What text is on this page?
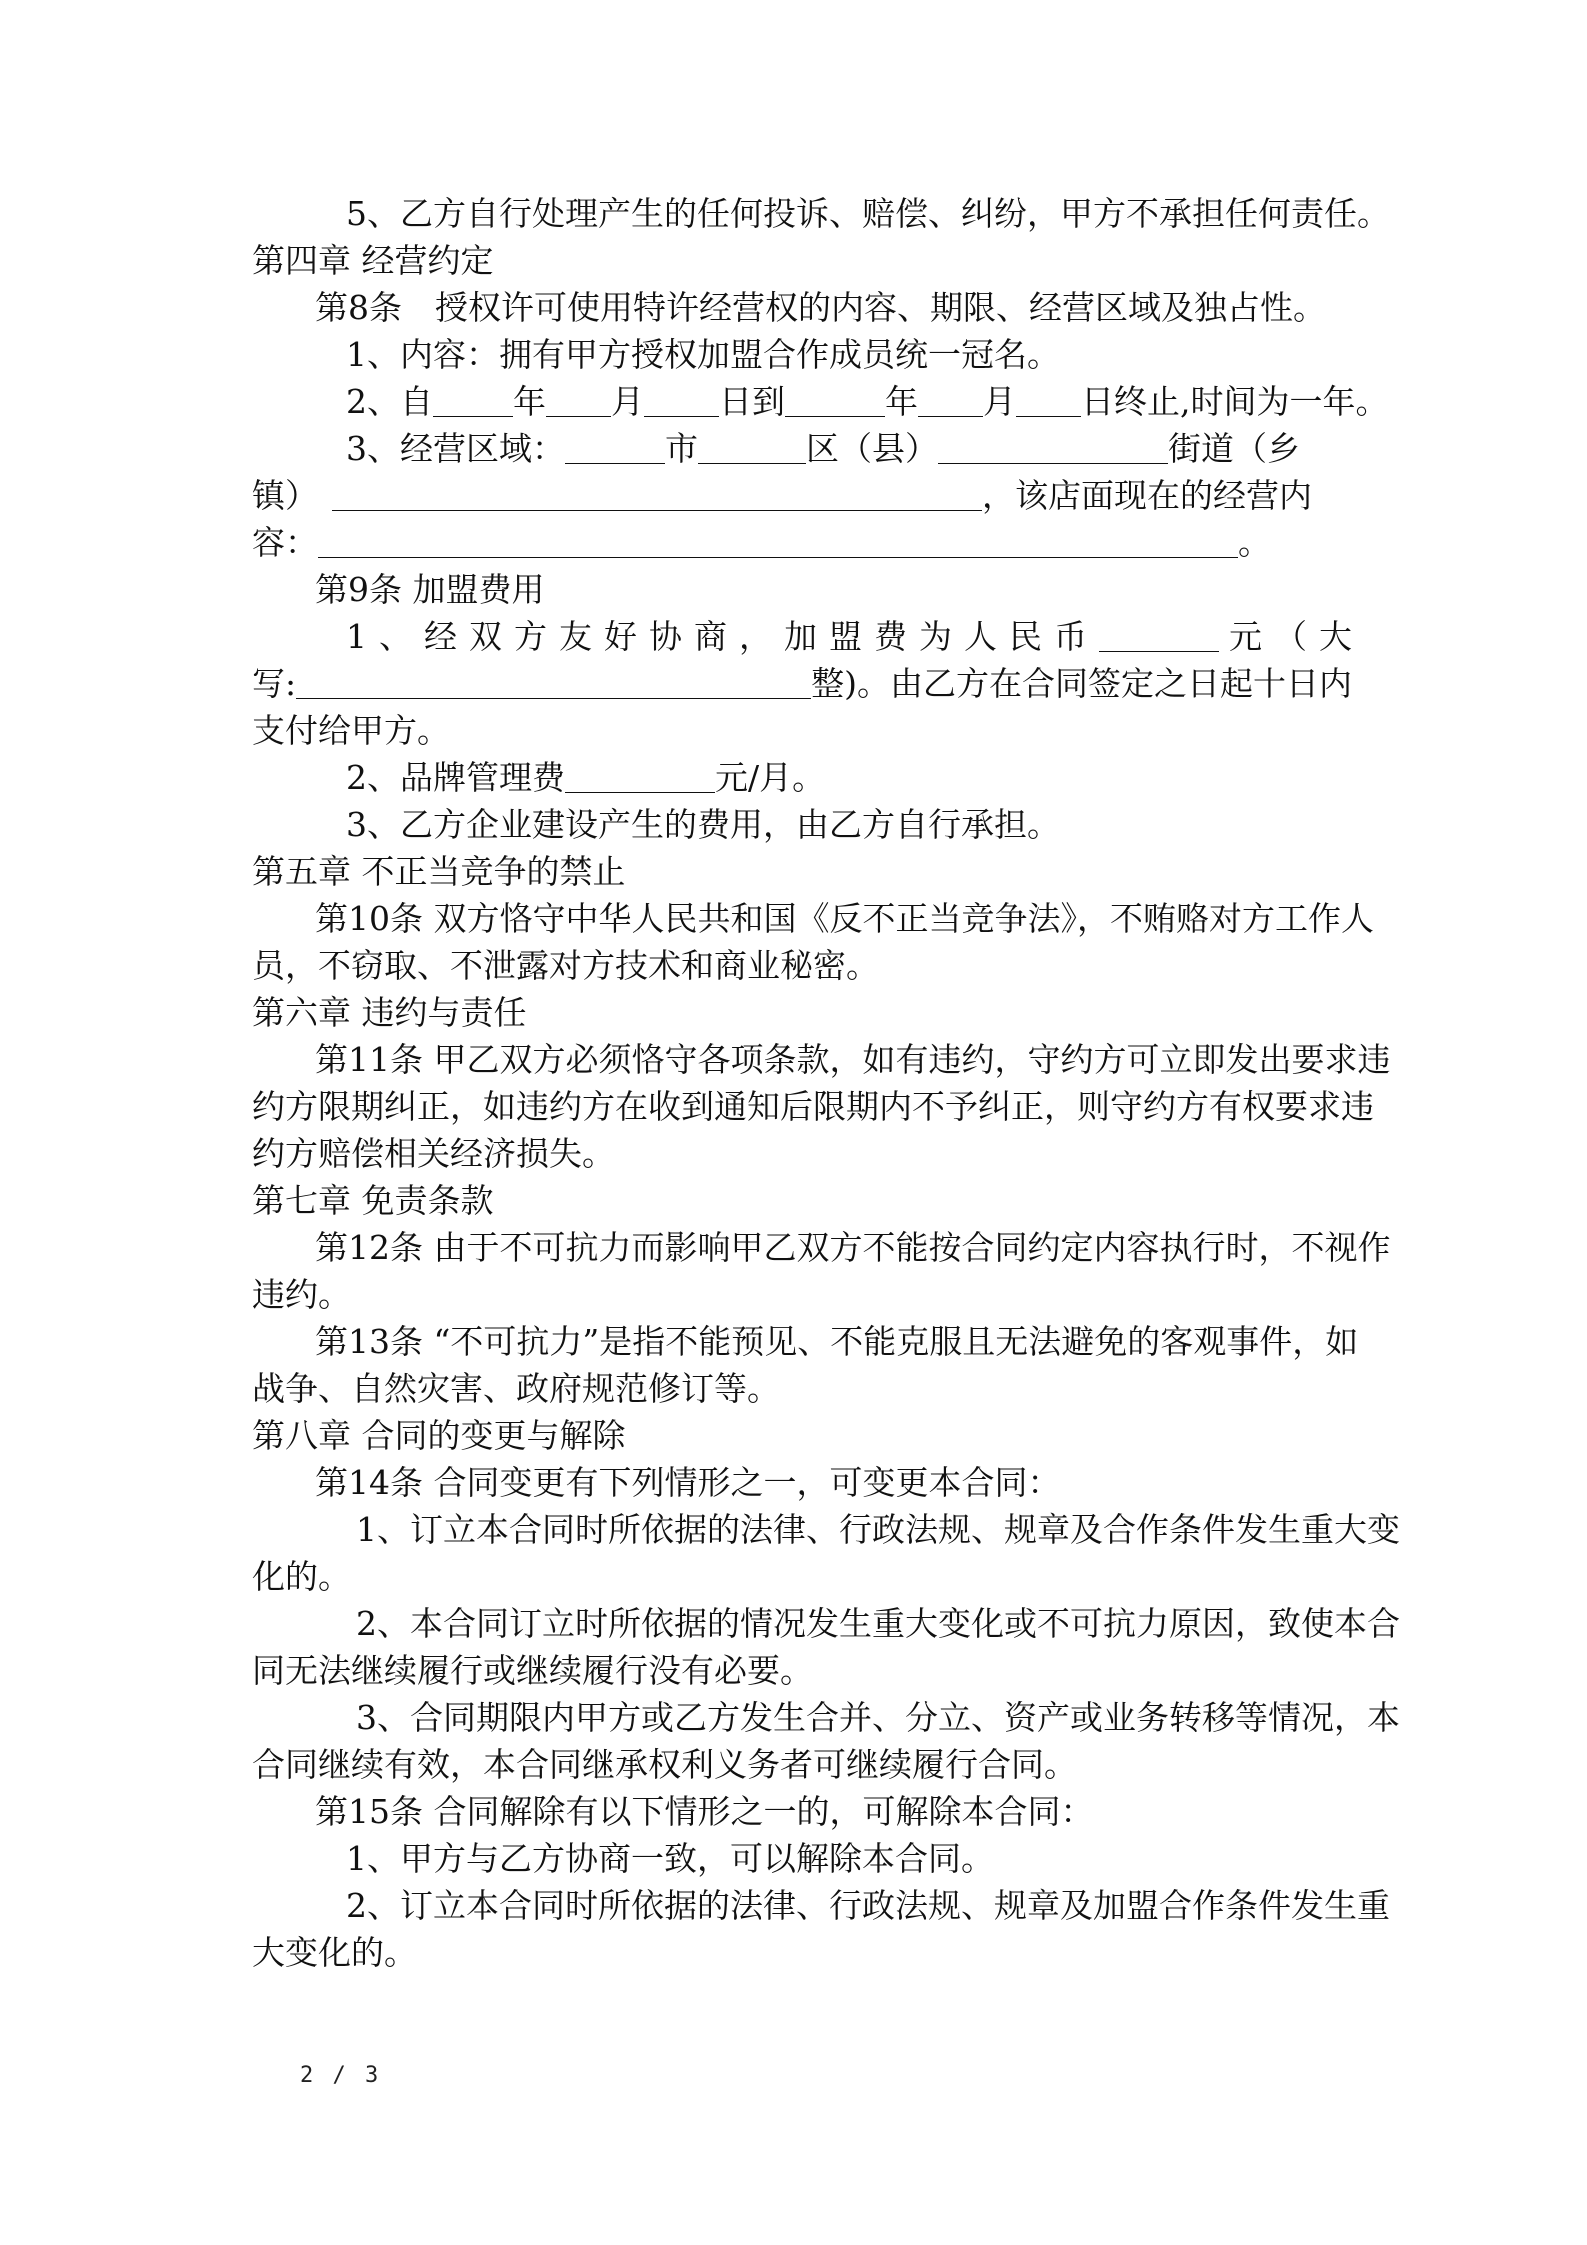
5、乙方自行处理产生的任何投诉、赔偿、纠纷，甲方不承担任何责任。

第四章 经营约定

第8条　授权许可使用特许经营权的内容、期限、经营区域及独占性。

1、内容：拥有甲方授权加盟合作成员统一冠名。

2、自 年 月 日到	年 月 日终止,时间为一年。

3、经营区域：	市	区（县）	街道（乡

镇）	，该店面现在的经营内

容：	。

第9条 加盟费用

1、经双方友好协商，加盟费为人民币	元（大

写:	整)。由乙方在合同签定之日起十日内

支付给甲方。

2、品牌管理费	元/月。

3、乙方企业建设产生的费用，由乙方自行承担。

第五章 不正当竞争的禁止

第10条 双方恪守中华人民共和国《反不正当竞争法》，不贿赂对方工作人

员，不窃取、不泄露对方技术和商业秘密。

第六章 违约与责任

第11条 甲乙双方必须恪守各项条款，如有违约，守约方可立即发出要求违

约方限期纠正，如违约方在收到通知后限期内不予纠正，则守约方有权要求违

约方赔偿相关经济损失。

第七章 免责条款

第12条 由于不可抗力而影响甲乙双方不能按合同约定内容执行时，不视作

违约。

第13条 “不可抗力”是指不能预见、不能克服且无法避免的客观事件，如

战争、自然灾害、政府规范修订等。

第八章 合同的变更与解除

第14条 合同变更有下列情形之一，可变更本合同：

1、订立本合同时所依据的法律、行政法规、规章及合作条件发生重大变

化的。

2、本合同订立时所依据的情况发生重大变化或不可抗力原因，致使本合

同无法继续履行或继续履行没有必要。

3、合同期限内甲方或乙方发生合并、分立、资产或业务转移等情况，本

合同继续有效，本合同继承权利义务者可继续履行合同。

第15条 合同解除有以下情形之一的，可解除本合同：

1、甲方与乙方协商一致，可以解除本合同。

2、订立本合同时所依据的法律、行政法规、规章及加盟合作条件发生重

大变化的。

2 / 3
